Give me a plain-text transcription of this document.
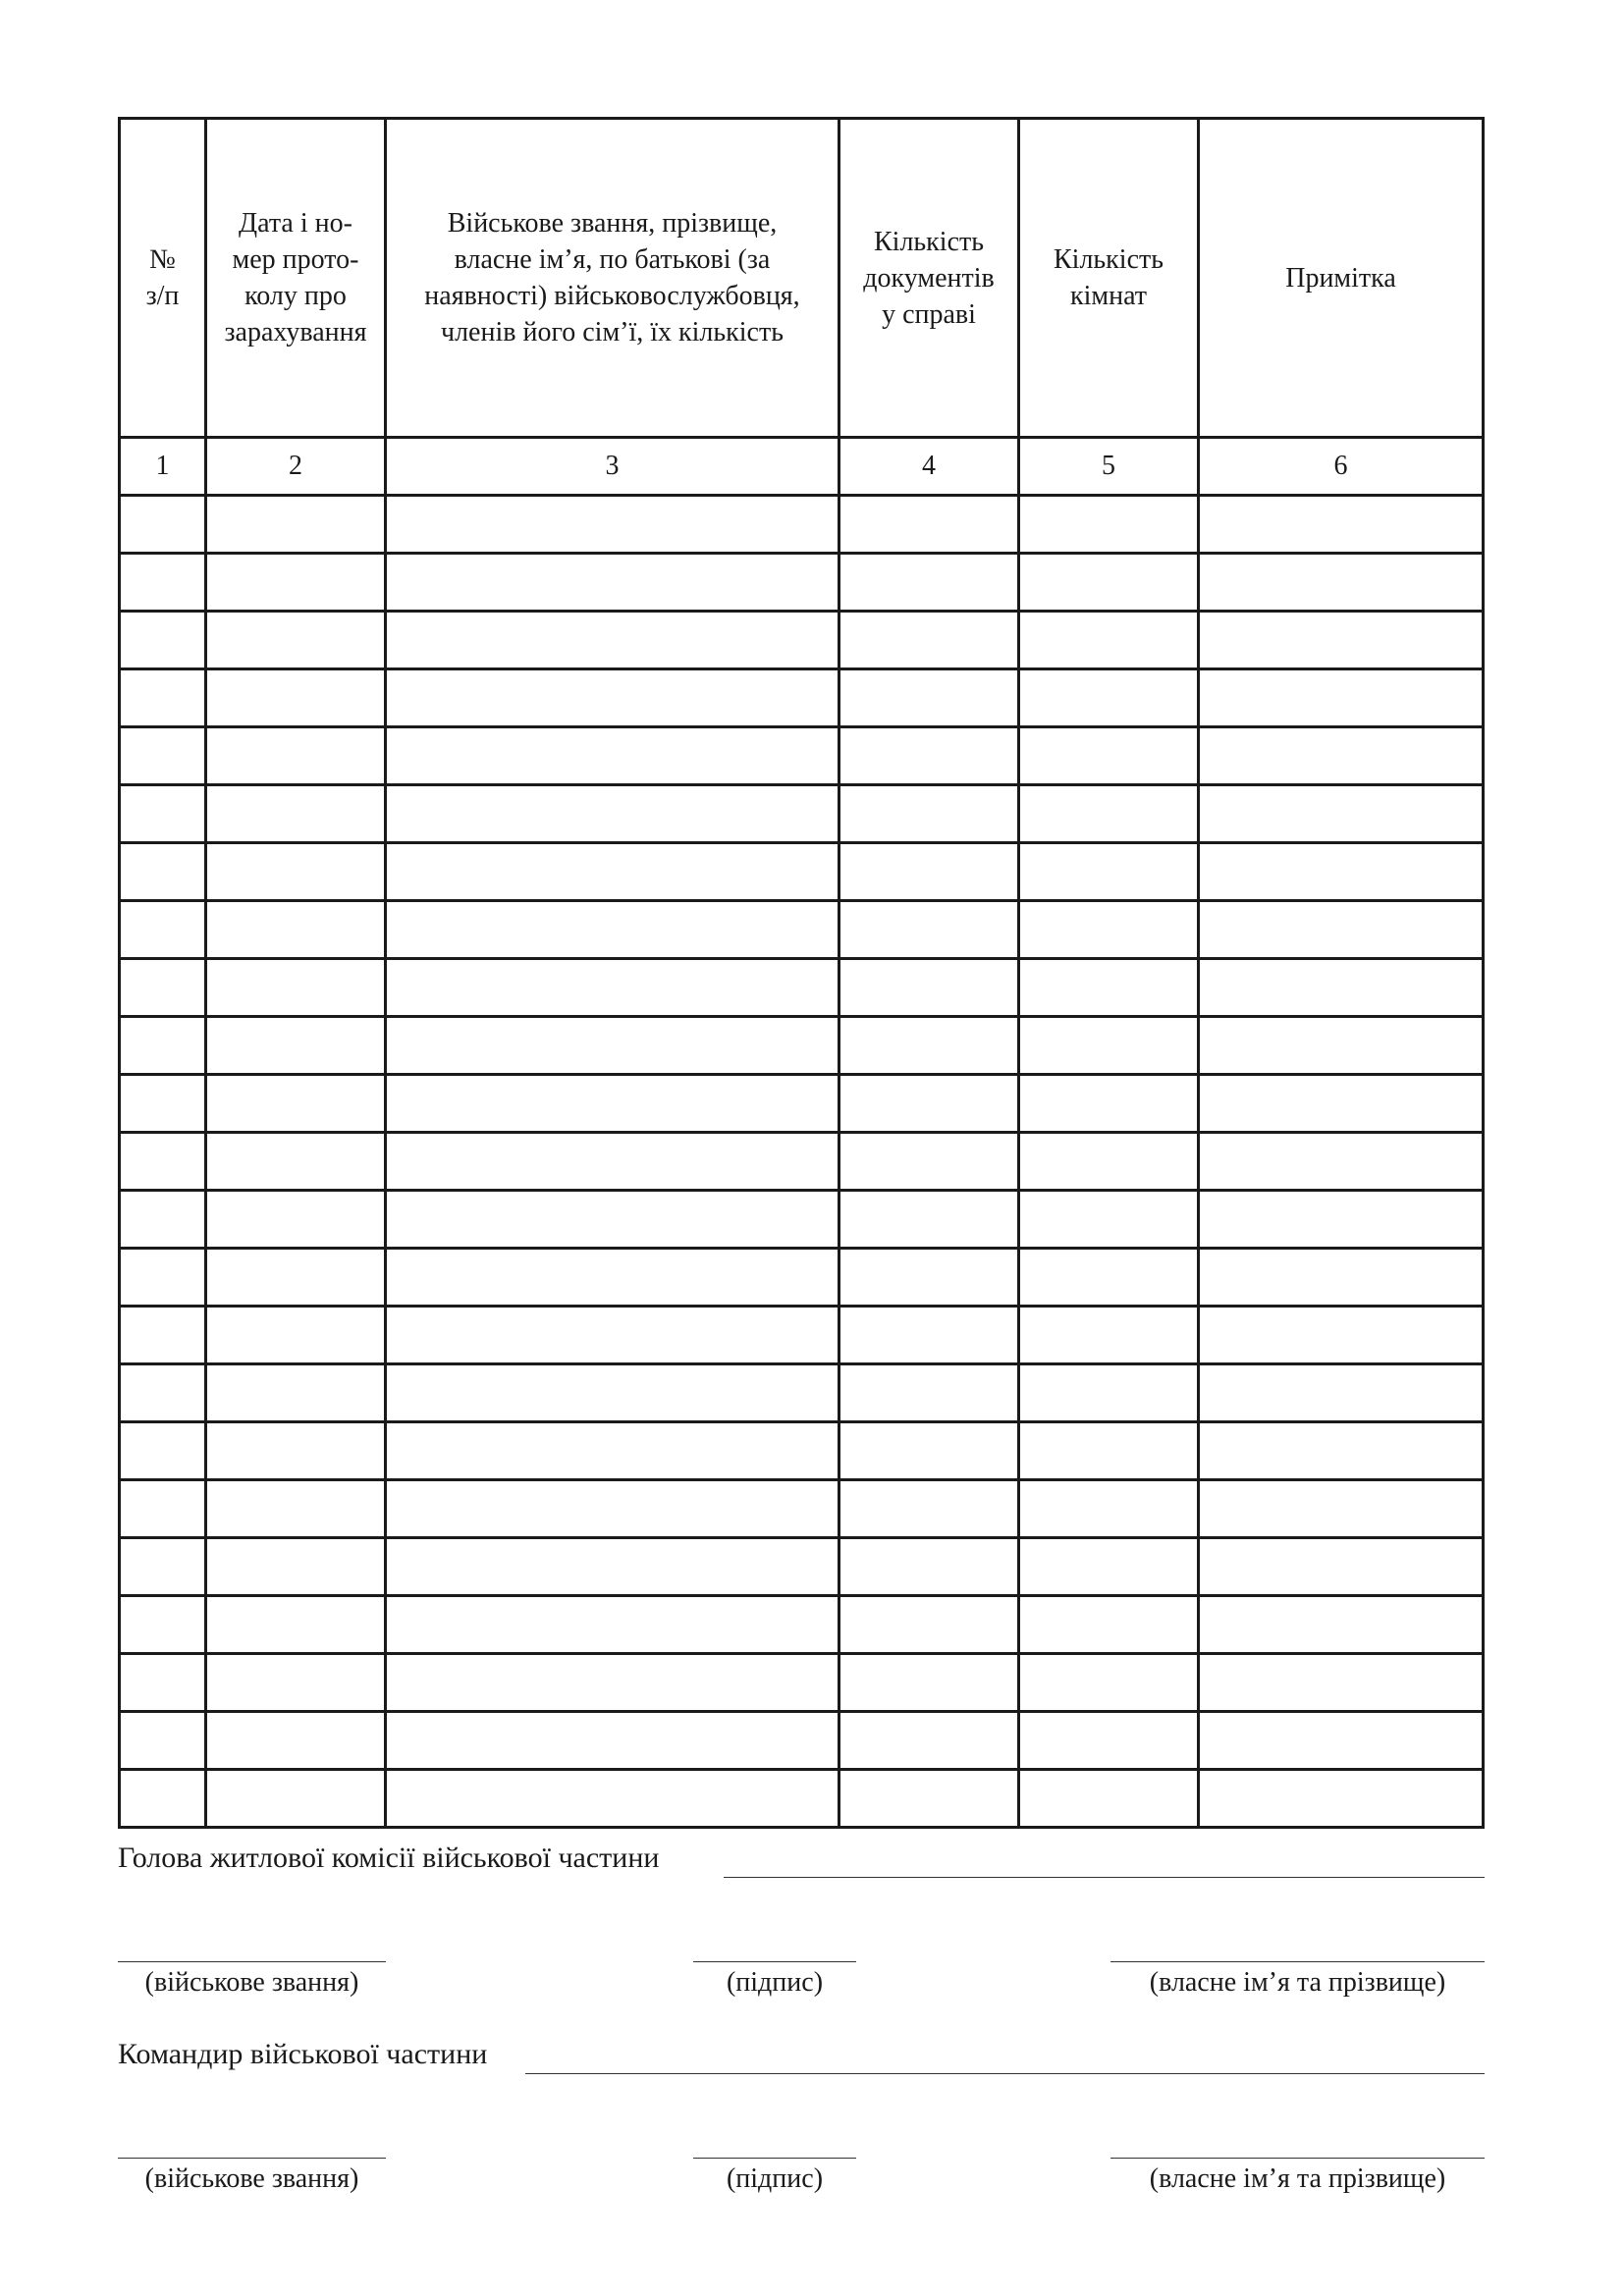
№
з/п	Дата і но-
мер прото-
колу про
зарахування	Військове звання, прізвище,
власне ім’я, по батькові (за
наявності) військовослужбовця,
членів його сім’ї, їх кількість	Кількість
документів
у справі	Кількість
кімнат	Примітка
1	2	3	4	5	6

Голова житлової комісії військової частини
(військове звання)	(підпис)	(власне ім’я та прізвище)
Командир військової частини
(військове звання)	(підпис)	(власне ім’я та прізвище)
